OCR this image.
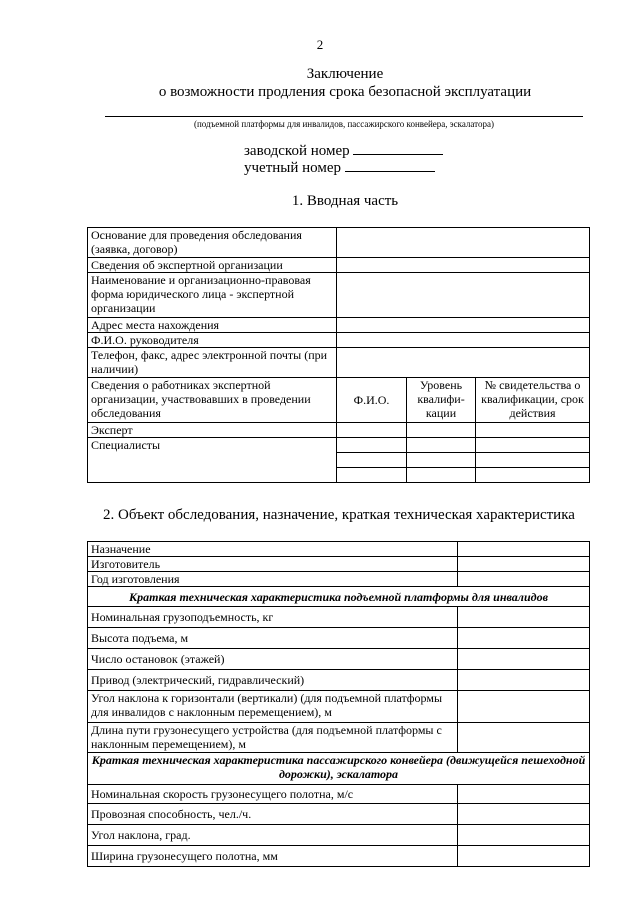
2
Заключение
о возможности продления срока безопасной эксплуатации
(подъемной платформы для инвалидов, пассажирского конвейера, эскалатора)
заводской номер
учетный номер
1. Вводная часть
Основание для проведения обследования (заявка, договор)			
Сведения об экспертной организации			
Наименование и организационно-правовая форма юридического лица - экспертной организации			
Адрес места нахождения			
Ф.И.О. руководителя			
Телефон, факс, адрес электронной почты (при наличии)			
Сведения о работниках экспертной организации, участвовавших в проведении обследования	Ф.И.О.	Уровень квалифи-кации	№ свидетельства о квалификации, срок действия
Эксперт			
Специалисты			

2. Объект обследования, назначение, краткая техническая характеристика
Назначение	
Изготовитель	
Год изготовления	
Краткая техническая характеристика подъемной платформы для инвалидов	
Номинальная грузоподъемность, кг	
Высота подъема, м	
Число остановок (этажей)	
Привод (электрический, гидравлический)	
Угол наклона к горизонтали (вертикали) (для подъемной платформы для инвалидов с наклонным перемещением), м	
Длина пути грузонесущего устройства (для подъемной платформы с наклонным перемещением), м	
Краткая техническая характеристика пассажирского конвейера (движущейся пешеходной дорожки), эскалатора	
Номинальная скорость грузонесущего полотна, м/с	
Провозная способность, чел./ч.	
Угол наклона, град.	
Ширина грузонесущего полотна, мм	
